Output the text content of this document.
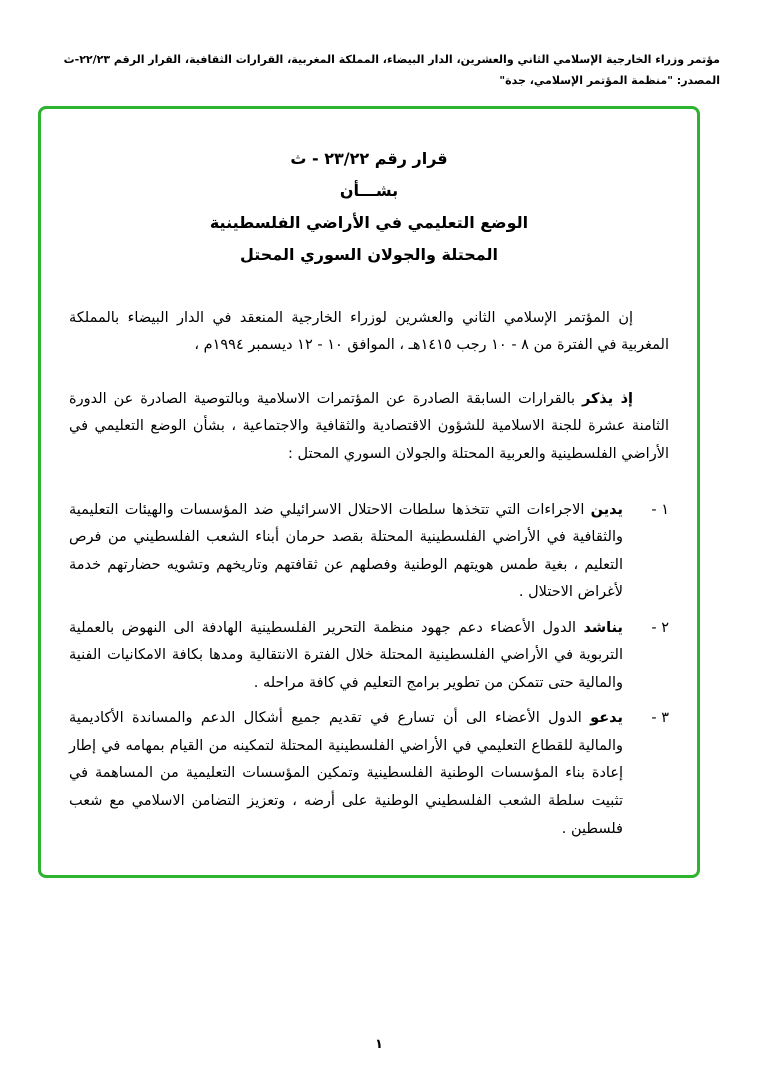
مؤتمر وزراء الخارجية الإسلامي الثاني والعشرين، الدار البيضاء، المملكة المغربية، القرارات الثقافية، القرار الرقم ٢٢/٢٣-ث
المصدر: "منظمة المؤتمر الإسلامي، جدة"
قرار رقم ٢٣/٢٢ - ث
بشـــأن
الوضع التعليمي في الأراضي الفلسطينية
المحتلة والجولان السوري المحتل

إن المؤتمر الإسلامي الثاني والعشرين لوزراء الخارجية المنعقد في الدار البيضاء بالمملكة المغربية في الفترة من ٨ - ١٠ رجب ١٤١٥هـ ، الموافق ١٠ - ١٢ ديسمبر ١٩٩٤م ،

إذ يذكر بالقرارات السابقة الصادرة عن المؤتمرات الاسلامية وبالتوصية الصادرة عن الدورة الثامنة عشرة للجنة الاسلامية للشؤون الاقتصادية والثقافية والاجتماعية ، بشأن الوضع التعليمي في الأراضي الفلسطينية والعربية المحتلة والجولان السوري المحتل :

١ -

يدين الاجراءات التي تتخذها سلطات الاحتلال الاسرائيلي ضد المؤسسات والهيئات التعليمية والثقافية في الأراضي الفلسطينية المحتلة بقصد حرمان أبناء الشعب الفلسطيني من فرص التعليم ، بغية طمس هويتهم الوطنية وفصلهم عن ثقافتهم وتاريخهم وتشويه حضارتهم خدمة لأغراض الاحتلال .

٢ -

يناشد الدول الأعضاء دعم جهود منظمة التحرير الفلسطينية الهادفة الى النهوض بالعملية التربوية في الأراضي الفلسطينية المحتلة خلال الفترة الانتقالية ومدها بكافة الامكانيات الفنية والمالية حتى تتمكن من تطوير برامج التعليم في كافة مراحله .

٣ -

يدعو الدول الأعضاء الى أن تسارع في تقديم جميع أشكال الدعم والمساندة الأكاديمية والمالية للقطاع التعليمي في الأراضي الفلسطينية المحتلة لتمكينه من القيام بمهامه في إطار إعادة بناء المؤسسات الوطنية الفلسطينية وتمكين المؤسسات التعليمية من المساهمة في تثبيت سلطة الشعب الفلسطيني الوطنية على أرضه ، وتعزيز التضامن الاسلامي مع شعب فلسطين .

١
